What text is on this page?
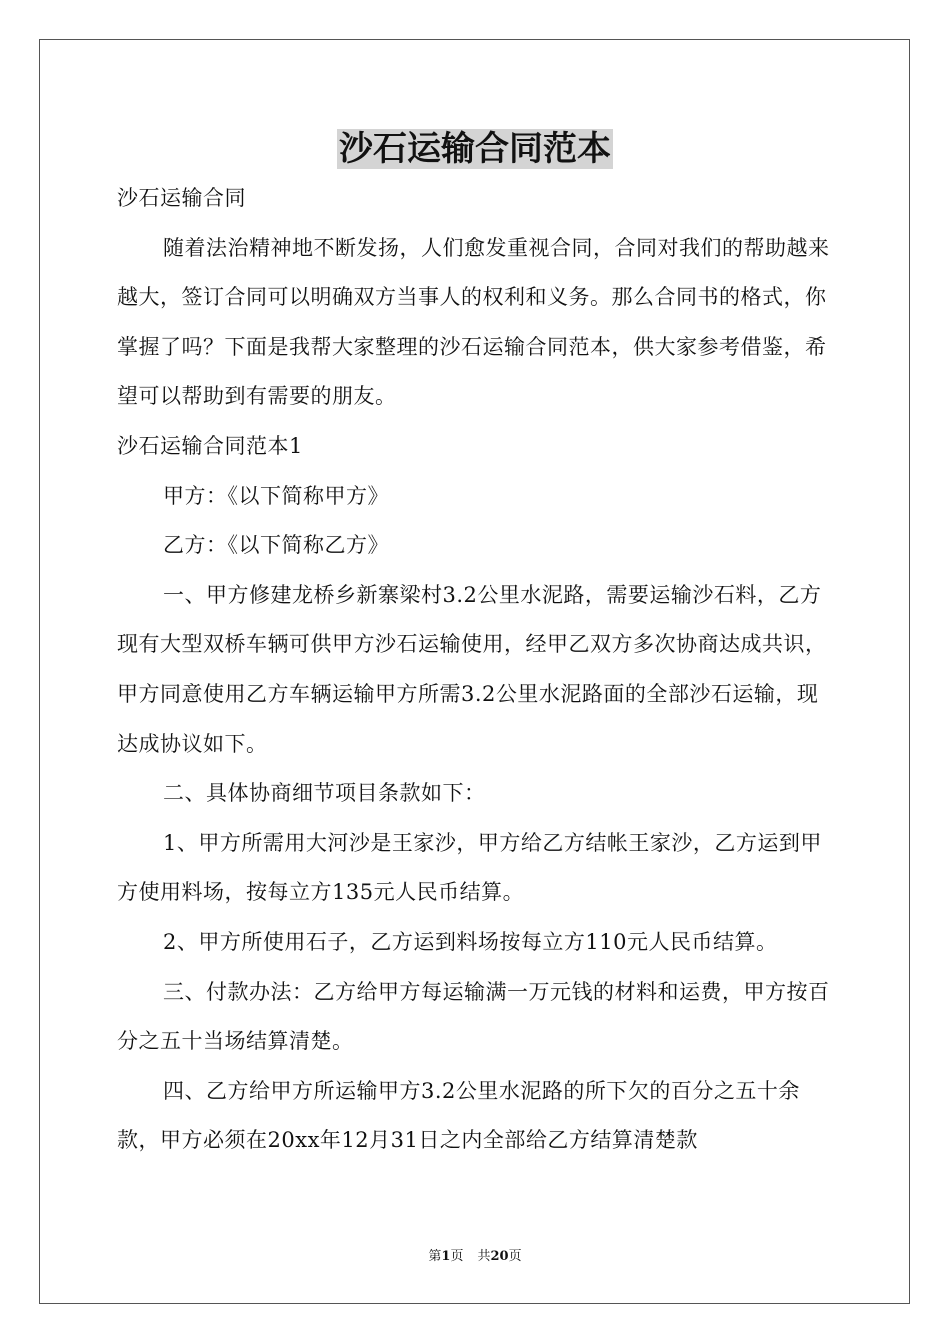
沙石运输合同范本

沙石运输合同

随着法治精神地不断发扬，人们愈发重视合同，合同对我们的帮助越来越大，签订合同可以明确双方当事人的权利和义务。那么合同书的格式，你掌握了吗？下面是我帮大家整理的沙石运输合同范本，供大家参考借鉴，希望可以帮助到有需要的朋友。

沙石运输合同范本1

甲方：《以下简称甲方》

乙方：《以下简称乙方》

一、甲方修建龙桥乡新寨梁村3.2公里水泥路，需要运输沙石料，乙方现有大型双桥车辆可供甲方沙石运输使用，经甲乙双方多次协商达成共识，甲方同意使用乙方车辆运输甲方所需3.2公里水泥路面的全部沙石运输，现达成协议如下。

二、具体协商细节项目条款如下：

1、甲方所需用大河沙是王家沙，甲方给乙方结帐王家沙，乙方运到甲方使用料场，按每立方135元人民币结算。

2、甲方所使用石子，乙方运到料场按每立方110元人民币结算。

三、付款办法：乙方给甲方每运输满一万元钱的材料和运费，甲方按百分之五十当场结算清楚。

四、乙方给甲方所运输甲方3.2公里水泥路的所下欠的百分之五十余款，甲方必须在20xx年12月31日之内全部给乙方结算清楚款

第1页 共20页
